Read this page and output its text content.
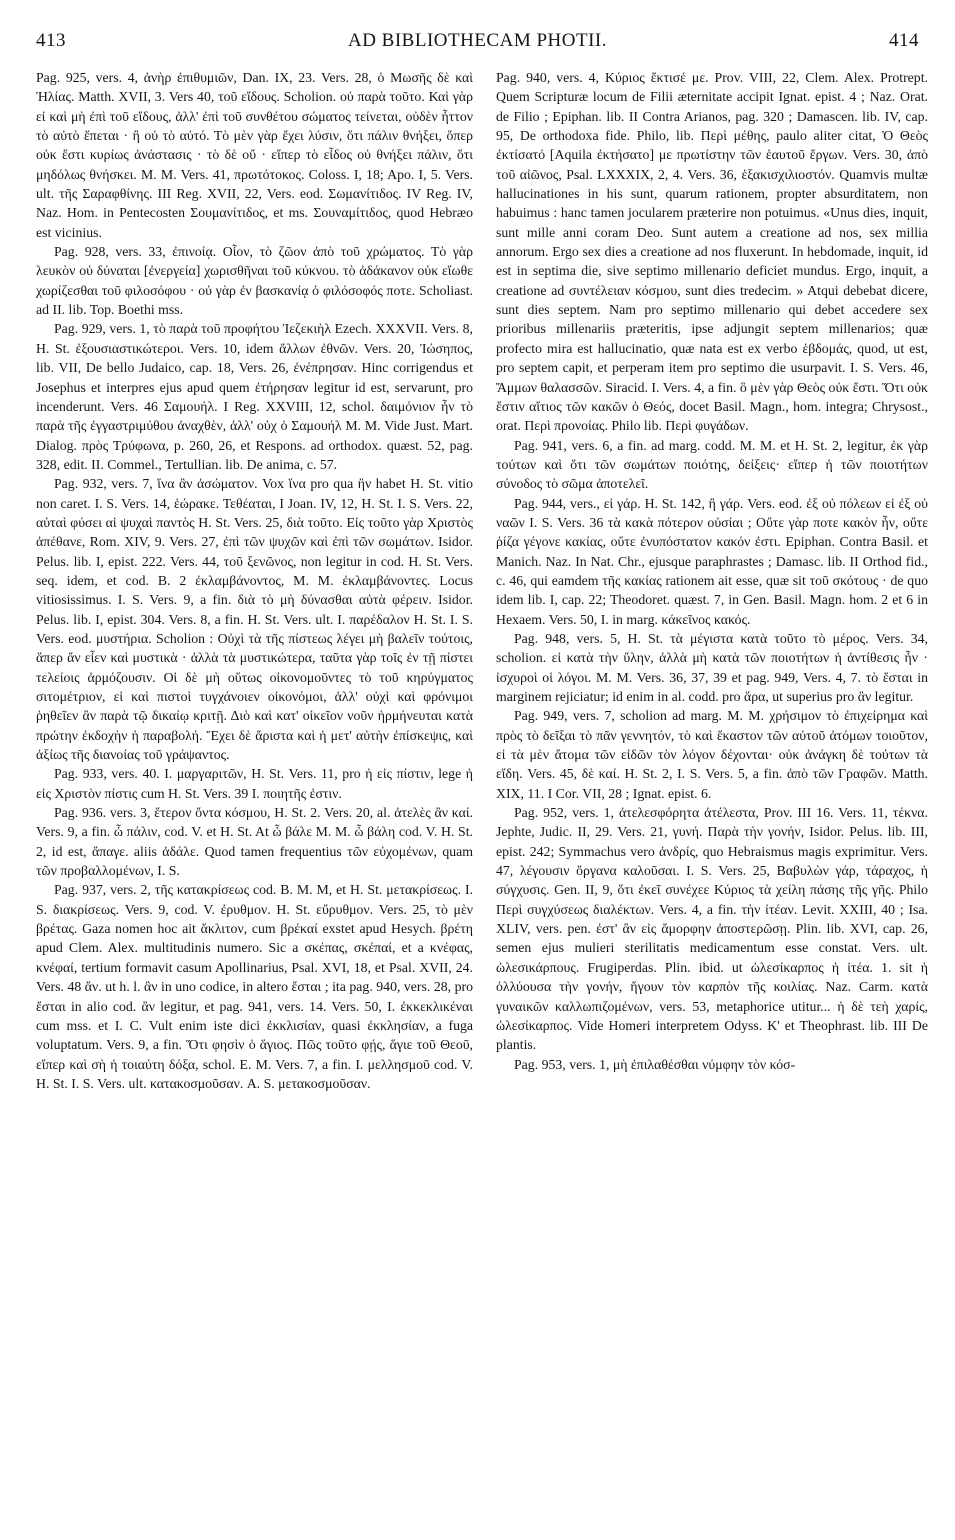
413	AD BIBLIOTHECAM PHOTII.	414

Pag. 925, vers. 4, ἀνὴρ ἐπιθυμιῶν, Dan. IX, 23. Vers. 28, ὁ Μωσῆς δὲ καὶ Ἠλίας. Matth. XVII, 3. Vers 40, τοῦ εἴδους. Scholion. οὐ παρὰ τοῦτο. Καὶ γὰρ εἰ καὶ μὴ ἐπὶ τοῦ εἴδους, ἀλλ' ἐπὶ τοῦ συνθέτου σώματος τείνεται, οὐδὲν ἧττον τὸ αὐτὸ ἕπεται · ἢ οὐ τὸ αὐτό. Τὸ μὲν γὰρ ἔχει λύσιν, ὅτι πάλιν θνήξει, ὅπερ οὐκ ἔστι κυρίως ἀνάστασις · τὸ δὲ οὔ · εἴπερ τὸ εἶδος οὐ θνήξει πάλιν, ὅτι μηδόλως θνήσκει. M. M. Vers. 41, πρωτότοκος. Coloss. I, 18; Apo. I, 5. Vers. ult. τῆς Σαραφθίνης. III Reg. XVII, 22, Vers. eod. Σωμανίτιδος. IV Reg. IV, Naz. Hom. in Pentecosten Σουμανίτιδος, et ms. Σουναμίτιδος, quod Hebræo est vicinius.

Pag. 928, vers. 33, ἐπινοίᾳ. Οἷον, τὸ ζῶον ἀπὸ τοῦ χρώματος. Τὸ γὰρ λευκὸν οὐ δύναται [ἐνεργεία] χωρισθῆναι τοῦ κύκνου. τὸ ἀδάκανον οὐκ εἴωθε χωρίζεσθαι τοῦ φιλοσόφου · οὐ γὰρ ἐν βασκανίᾳ ὁ φιλόσοφός ποτε. Scholiast. ad II. lib. Top. Boethi mss.

Pag. 929, vers. 1, τὸ παρὰ τοῦ προφήτου Ἰεζεκιὴλ Ezech. XXXVII. Vers. 8, H. St. ἐξουσιαστικώτεροι. Vers. 10, idem ἄλλων ἐθνῶν. Vers. 20, Ἰώσηπος, lib. VII, De bello Judaico, cap. 18, Vers. 26, ἐνέπρησαν. Hinc corrigendus et Josephus et interpres ejus apud quem ἐτήρησαν legitur id est, servarunt, pro incenderunt. Vers. 46 Σαμουήλ. I Reg. XXVIII, 12, schol. δαιμόνιον ἦν τὸ παρὰ τῆς ἐγγαστριμύθου ἀναχθὲν, ἀλλ' οὐχ ὁ Σαμουήλ M. M. Vide Just. Mart. Dialog. πρὸς Τρύφωνα, p. 260, 26, et Respons. ad orthodox. quæst. 52, pag. 328, edit. II. Commel., Tertullian. lib. De anima, c. 57.

Pag. 932, vers. 7, ἵνα ἂν ἀσώματον. Vox ἵνα pro qua ἢν habet H. St. vitio non caret. I. S. Vers. 14, ἑώρακε. Τεθέαται, I Joan. IV, 12, H. St. I. S. Vers. 22, αὐταὶ φύσει αἱ ψυχαὶ παντὸς H. St. Vers. 25, διὰ τοῦτο. Εἰς τοῦτο γὰρ Χριστὸς ἀπέθανε, Rom. XIV, 9. Vers. 27, ἐπὶ τῶν ψυχῶν καὶ ἐπὶ τῶν σωμάτων. Isidor. Pelus. lib. I, epist. 222. Vers. 44, τοῦ ξενῶνος, non legitur in cod. H. St. Vers. seq. idem, et cod. B. 2 ἐκλαμβάνοντος, M. M. ἐκλαμβάνοντες. Locus vitiosissimus. I. S. Vers. 9, a fin. διὰ τὸ μὴ δύνασθαι αὐτὰ φέρειν. Isidor. Pelus. lib. I, epist. 304. Vers. 8, a fin. H. St. Vers. ult. I. παρέδαλον H. St. I. S. Vers. eod. μυστήρια. Scholion : Οὐχὶ τὰ τῆς πίστεως λέγει μὴ βαλεῖν τούτοις, ἅπερ ἄν εἶεν καὶ μυστικὰ · ἀλλὰ τὰ μυστικώτερα, ταῦτα γὰρ τοῖς ἐν τῇ πίστει τελείοις ἁρμόζουσιν. Οἱ δὲ μὴ οὕτως οἰκονομοῦντες τὸ τοῦ κηρύγματος σιτομέτριον, εἰ καὶ πιστοὶ τυγχάνοιεν οἰκονόμοι, ἀλλ' οὐχὶ καὶ φρόνιμοι ῥηθεῖεν ἂν παρὰ τῷ δικαίῳ κριτῇ. Διὸ καὶ κατ' οἰκεῖον νοῦν ἡρμήνευται κατὰ πρώτην ἐκδοχὴν ἡ παραβολή. Ἔχει δὲ ἄριστα καὶ ἡ μετ' αὐτὴν ἐπίσκεψις, καὶ ἀξίως τῆς διανοίας τοῦ γράψαντος.

Pag. 933, vers. 40. I. μαργαριτῶν, H. St. Vers. 11, pro ἡ εἰς πίστιν, lege ἡ εἰς Χριστὸν πίστις cum H. St. Vers. 39 I. ποιητῆς ἐστιν.

Pag. 936. vers. 3, ἕτερον ὄντα κόσμου, H. St. 2. Vers. 20, al. ἀτελὲς ἂν καί. Vers. 9, a fin. ὦ πάλιν, cod. V. et H. St. At ὦ βάλε M. M. ὦ βάλη cod. V. H. St. 2, id est, ἄπαγε. aliis ἀδάλε. Quod tamen frequentius τῶν εὐχομένων, quam τῶν προβαλλομένων, I. S.

Pag. 937, vers. 2, τῆς κατακρίσεως cod. B. M. M, et H. St. μετακρίσεως. I. S. διακρίσεως. Vers. 9, cod. V. ἐρυθμον. H. St. εὔρυθμον. Vers. 25, τὸ μὲν βρέτας. Gaza nomen hoc ait ἄκλιτον, cum βρέκαί exstet apud Hesych. βρέτη apud Clem. Alex. multitudinis numero. Sic a σκέπας, σκέπαί, et a κνέφας, κνέφαί, tertium formavit casum Apollinarius, Psal. XVI, 18, et Psal. XVII, 24. Vers. 48 ἄν. ut h. l. ἂν in uno codice, in altero ἔσται ; ita pag. 940, vers. 28, pro ἔσται in alio cod. ἂν legitur, et pag. 941, vers. 14. Vers. 50, I. ἐκκεκλικέναι cum mss. et I. C. Vult enim iste dici ἐκκλισίαν, quasi ἐκκλησίαν, a fuga voluptatum. Vers. 9, a fin. Ὅτι φησὶν ὁ ἅγιος. Πῶς τοῦτο φῄς, ἅγιε τοῦ Θεοῦ, εἴπερ καὶ σὴ ἡ τοιαύτη δόξα, schol. E. M. Vers. 7, a fin. I. μελλησμοῦ cod. V. H. St. I. S. Vers. ult. κατακοσμοῦσαν. A. S. μετακοσμοῦσαν.

Pag. 940, vers. 4, Κύριος ἔκτισέ με. Prov. VIII, 22, Clem. Alex. Protrept. Quem Scripturæ locum de Filii æternitate accipit Ignat. epist. 4 ; Naz. Orat. de Filio ; Epiphan. lib. II Contra Arianos, pag. 320 ; Damascen. lib. IV, cap. 95, De orthodoxa fide. Philo, lib. Περὶ μέθης, paulo aliter citat, Ὁ Θεὸς ἐκτίσατό [Aquila ἐκτήσατο] με πρωτίστην τῶν ἑαυτοῦ ἔργων. Vers. 30, ἀπὸ τοῦ αἰῶνος, Psal. LXXXIX, 2, 4. Vers. 36, ἑξακισχιλιοστόν. Quamvis multæ hallucinationes in his sunt, quarum rationem, propter absurditatem, non habuimus : hanc tamen jocularem præterire non potuimus. «Unus dies, inquit, sunt mille anni coram Deo. Sunt autem a creatione ad nos, sex millia annorum. Ergo sex dies a creatione ad nos fluxerunt. In hebdomade, inquit, id est in septima die, sive septimo millenario deficiet mundus. Ergo, inquit, a creatione ad συντέλειαν κόσμου, sunt dies tredecim. » Atqui debebat dicere, sunt dies septem. Nam pro septimo millenario qui debet accedere sex prioribus millenariis præteritis, ipse adjungit septem millenarios; quæ profecto mira est hallucinatio, quæ nata est ex verbo ἑβδομάς, quod, ut est, pro septem capit, et perperam item pro septimo die usurpavit. I. S. Vers. 46, Ἄμμων θαλασσῶν. Siracid. I. Vers. 4, a fin. ὃ μὲν γὰρ Θεὸς οὐκ ἔστι. Ὅτι οὐκ ἔστιν αἴτιος τῶν κακῶν ὁ Θεός, docet Basil. Magn., hom. integra; Chrysost., orat. Περὶ προνοίας. Philo lib. Περὶ φυγάδων.

Pag. 941, vers. 6, a fin. ad marg. codd. M. M. et H. St. 2, legitur, ἐκ γὰρ τούτων καὶ ὅτι τῶν σωμάτων ποιότης, δείξεις· εἴπερ ἡ τῶν ποιοτήτων σύνοδος τὸ σῶμα ἀποτελεῖ.

Pag. 944, vers., εἰ γάρ. H. St. 142, ἢ γάρ. Vers. eod. ἐξ οὐ πόλεων εἰ ἐξ οὐ ναῶν I. S. Vers. 36 τὰ κακὰ πότερον οὐσίαι ; Οὔτε γὰρ ποτε κακὸν ἦν, οὔτε ῥίζα γέγονε κακίας, οὔτε ἐνυπόστατον κακόν ἐστι. Epiphan. Contra Basil. et Manich. Naz. In Nat. Chr., ejusque paraphrastes ; Damasc. lib. II Orthod fid., c. 46, qui eamdem τῆς κακίας rationem ait esse, quæ sit τοῦ σκότους · de quo idem lib. I, cap. 22; Theodoret. quæst. 7, in Gen. Basil. Magn. hom. 2 et 6 in Hexaem. Vers. 50, I. in marg. κάκεῖνος κακός.

Pag. 948, vers. 5, H. St. τὰ μέγιστα κατὰ τοῦτο τὸ μέρος. Vers. 34, scholion. εἰ κατὰ τὴν ὕλην, ἀλλὰ μὴ κατὰ τῶν ποιοτήτων ἡ ἀντίθεσις ἦν · ἰσχυροὶ οἱ λόγοι. M. M. Vers. 36, 37, 39 et pag. 949, Vers. 4, 7. τὸ ἔσται in marginem rejiciatur; id enim in al. codd. pro ἄρα, ut superius pro ἂν legitur.

Pag. 949, vers. 7, scholion ad marg. M. M. χρήσιμον τὸ ἐπιχείρημα καὶ πρὸς τὸ δεῖξαι τὸ πᾶν γεννητόν, τὸ καὶ ἕκαστον τῶν αὐτοῦ ἀτόμων τοιοῦτον, εἰ τὰ μὲν ἄτομα τῶν εἰδῶν τὸν λόγον δέχονται· οὐκ ἀνάγκη δὲ τούτων τὰ εἴδη. Vers. 45, δὲ καί. H. St. 2, I. S. Vers. 5, a fin. ἀπὸ τῶν Γραφῶν. Matth. XIX, 11. I Cor. VII, 28 ; Ignat. epist. 6.

Pag. 952, vers. 1, ἀτελεσφόρητα ἀτέλεστα, Prov. III 16. Vers. 11, τέκνα. Jephte, Judic. II, 29. Vers. 21, γυνή. Παρὰ τὴν γονήν, Isidor. Pelus. lib. III, epist. 242; Symmachus vero ἀνδρίς, quo Hebraismus magis exprimitur. Vers. 47, λέγουσιν ὄργανα καλοῦσαι. I. S. Vers. 25, Βαβυλὼν γάρ, τάραχος, ἡ σύγχυσις. Gen. II, 9, ὅτι ἐκεῖ συνέχεε Κύριος τὰ χείλη πάσης τῆς γῆς. Philo Περὶ συγχύσεως διαλέκτων. Vers. 4, a fin. τὴν ἰτέαν. Levit. XXIII, 40 ; Isa. XLIV, vers. pen. ἐστ' ἂν εἰς ἄμορφην ἀποστερῶσῃ. Plin. lib. XVI, cap. 26, semen ejus mulieri sterilitatis medicamentum esse constat. Vers. ult. ὠλεσικάρπους. Frugiperdas. Plin. ibid. ut ὠλεσίκαρπος ἡ ἰτέα. 1. sit ἡ ὀλλύουσα τὴν γονήν, ἤγουν τὸν καρπὸν τῆς κοιλίας. Naz. Carm. κατὰ γυναικῶν καλλωπιζομένων, vers. 53, metaphorice utitur... ἡ δὲ τεὴ χαρίς, ὠλεσίκαρπος. Vide Homeri interpretem Odyss. K' et Theophrast. lib. III De plantis.

Pag. 953, vers. 1, μὴ ἐπιλαθέσθαι νύμφην τὸν κόσ-
